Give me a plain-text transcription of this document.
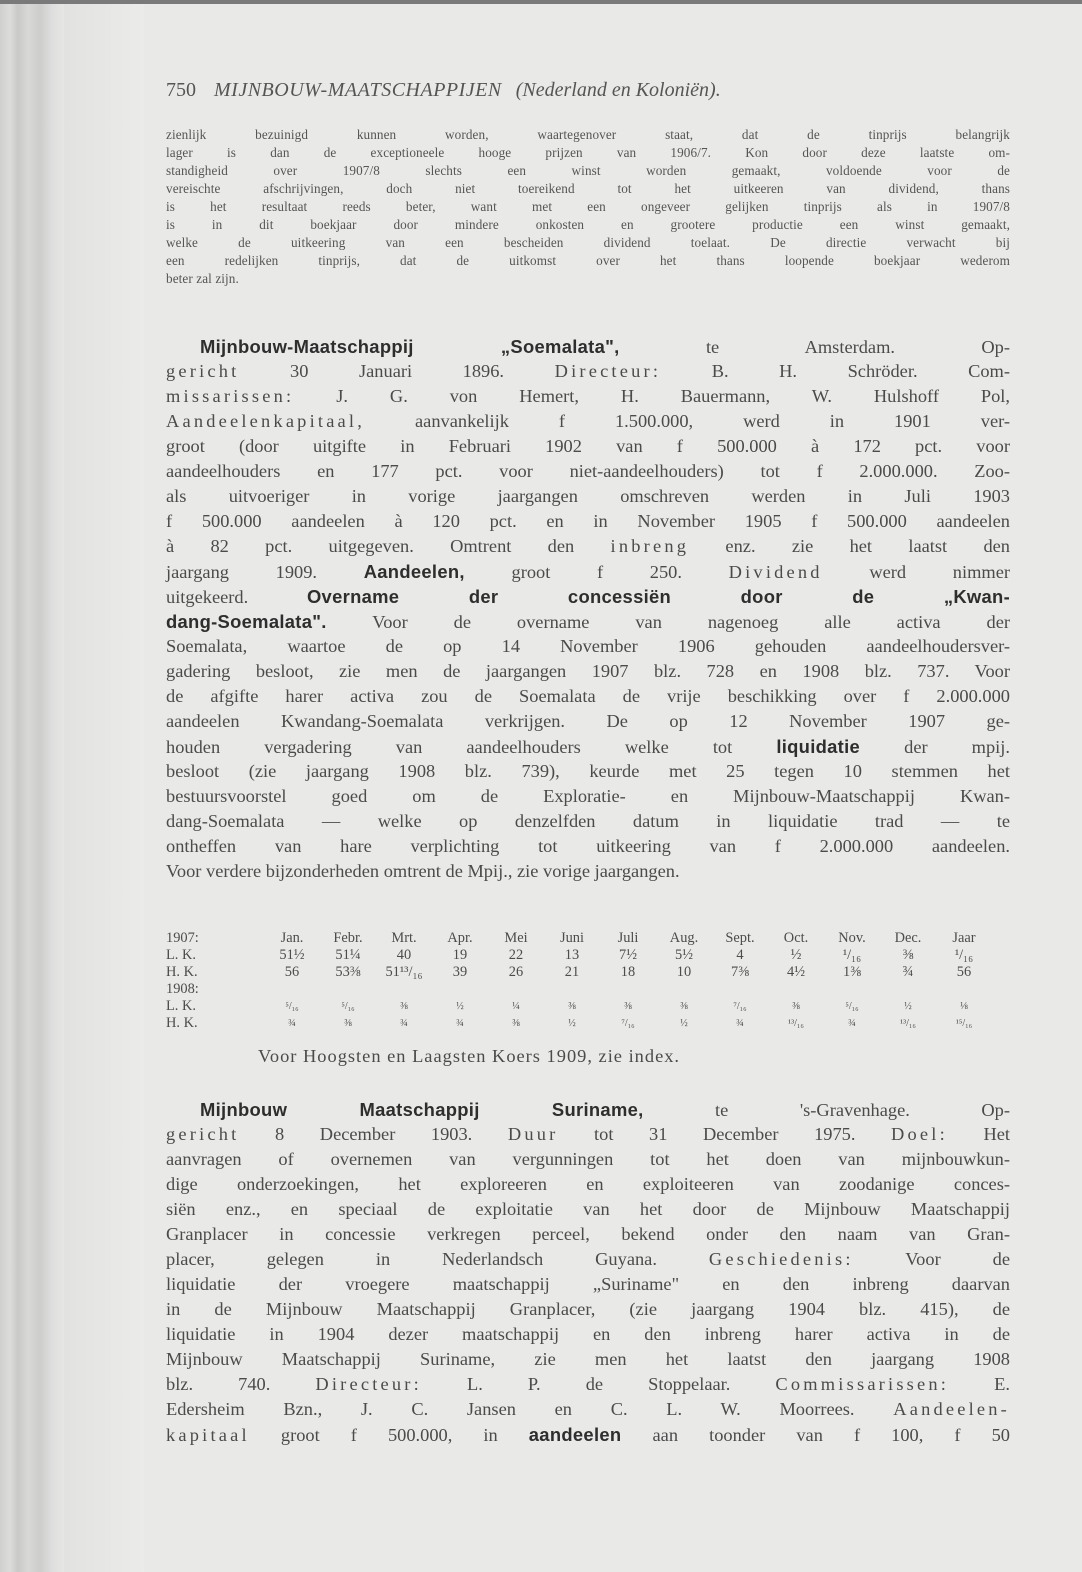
750 MIJNBOUW-MAATSCHAPPIJEN (Nederland en Koloniën).
zienlijk bezuinigd kunnen worden, waartegenover staat, dat de tinprijs belangrijk
lager is dan de exceptioneele hooge prijzen van 1906/7. Kon door deze laatste om-
standigheid over 1907/8 slechts een winst worden gemaakt, voldoende voor de
vereischte afschrijvingen, doch niet toereikend tot het uitkeeren van dividend, thans
is het resultaat reeds beter, want met een ongeveer gelijken tinprijs als in 1907/8
is in dit boekjaar door mindere onkosten en grootere productie een winst gemaakt,
welke de uitkeering van een bescheiden dividend toelaat. De directie verwacht bij
een redelijken tinprijs, dat de uitkomst over het thans loopende boekjaar wederom
beter zal zijn.
Mijnbouw-Maatschappij „Soemalata", te Amsterdam. Op-
gericht 30 Januari 1896. Directeur: B. H. Schröder. Com-
missarissen: J. G. von Hemert, H. Bauermann, W. Hulshoff Pol,
Aandeelenkapitaal, aanvankelijk f 1.500.000, werd in 1901 ver-
groot (door uitgifte in Februari 1902 van f 500.000 à 172 pct. voor
aandeelhouders en 177 pct. voor niet-aandeelhouders) tot f 2.000.000. Zoo-
als uitvoeriger in vorige jaargangen omschreven werden in Juli 1903
f 500.000 aandeelen à 120 pct. en in November 1905 f 500.000 aandeelen
à 82 pct. uitgegeven. Omtrent den inbreng enz. zie het laatst den
jaargang 1909. Aandeelen, groot f 250. Dividend werd nimmer
uitgekeerd. Overname der concessiën door de „Kwan-
dang-Soemalata". Voor de overname van nagenoeg alle activa der
Soemalata, waartoe de op 14 November 1906 gehouden aandeelhoudersver-
gadering besloot, zie men de jaargangen 1907 blz. 728 en 1908 blz. 737. Voor
de afgifte harer activa zou de Soemalata de vrije beschikking over f 2.000.000
aandeelen Kwandang-Soemalata verkrijgen. De op 12 November 1907 ge-
houden vergadering van aandeelhouders welke tot liquidatie der mpij.
besloot (zie jaargang 1908 blz. 739), keurde met 25 tegen 10 stemmen het
bestuursvoorstel goed om de Exploratie- en Mijnbouw-Maatschappij Kwan-
dang-Soemalata — welke op denzelfden datum in liquidatie trad — te
ontheffen van hare verplichting tot uitkeering van f 2.000.000 aandeelen.
Voor verdere bijzonderheden omtrent de Mpij., zie vorige jaargangen.
1907:	Jan.	Febr.	Mrt.	Apr.	Mei	Juni	Juli	Aug.	Sept.	Oct.	Nov.	Dec.	Jaar
L. K.	51½	51¼	40	19	22	13	7½	5½	4	½	¹/₁₆	⅜	¹/₁₆
H. K.	56	53⅜	51¹³/₁₆	39	26	21	18	10	7⅜	4½	1⅜	¾	56
1908:													
L. K.	⁵/₁₆	⁵/₁₆	⅜	½	¼	⅜	⅜	⅜	⁷/₁₆	⅜	⁵/₁₆	½	⅛
H. K.	¾	⅜	¾	¾	⅜	½	⁷/₁₆	½	¾	¹³/₁₆	¾	¹³/₁₆	¹⁵/₁₆
Voor Hoogsten en Laagsten Koers 1909, zie index.
Mijnbouw Maatschappij Suriname, te 's-Gravenhage. Op-
gericht 8 December 1903. Duur tot 31 December 1975. Doel: Het
aanvragen of overnemen van vergunningen tot het doen van mijnbouwkun-
dige onderzoekingen, het exploreeren en exploiteeren van zoodanige conces-
siën enz., en speciaal de exploitatie van het door de Mijnbouw Maatschappij
Granplacer in concessie verkregen perceel, bekend onder den naam van Gran-
placer, gelegen in Nederlandsch Guyana. Geschiedenis: Voor de
liquidatie der vroegere maatschappij „Suriname" en den inbreng daarvan
in de Mijnbouw Maatschappij Granplacer, (zie jaargang 1904 blz. 415), de
liquidatie in 1904 dezer maatschappij en den inbreng harer activa in de
Mijnbouw Maatschappij Suriname, zie men het laatst den jaargang 1908
blz. 740. Directeur: L. P. de Stoppelaar. Commissarissen: E.
Edersheim Bzn., J. C. Jansen en C. L. W. Moorrees. Aandeelen-
kapitaal groot f 500.000, in aandeelen aan toonder van f 100, f 50
